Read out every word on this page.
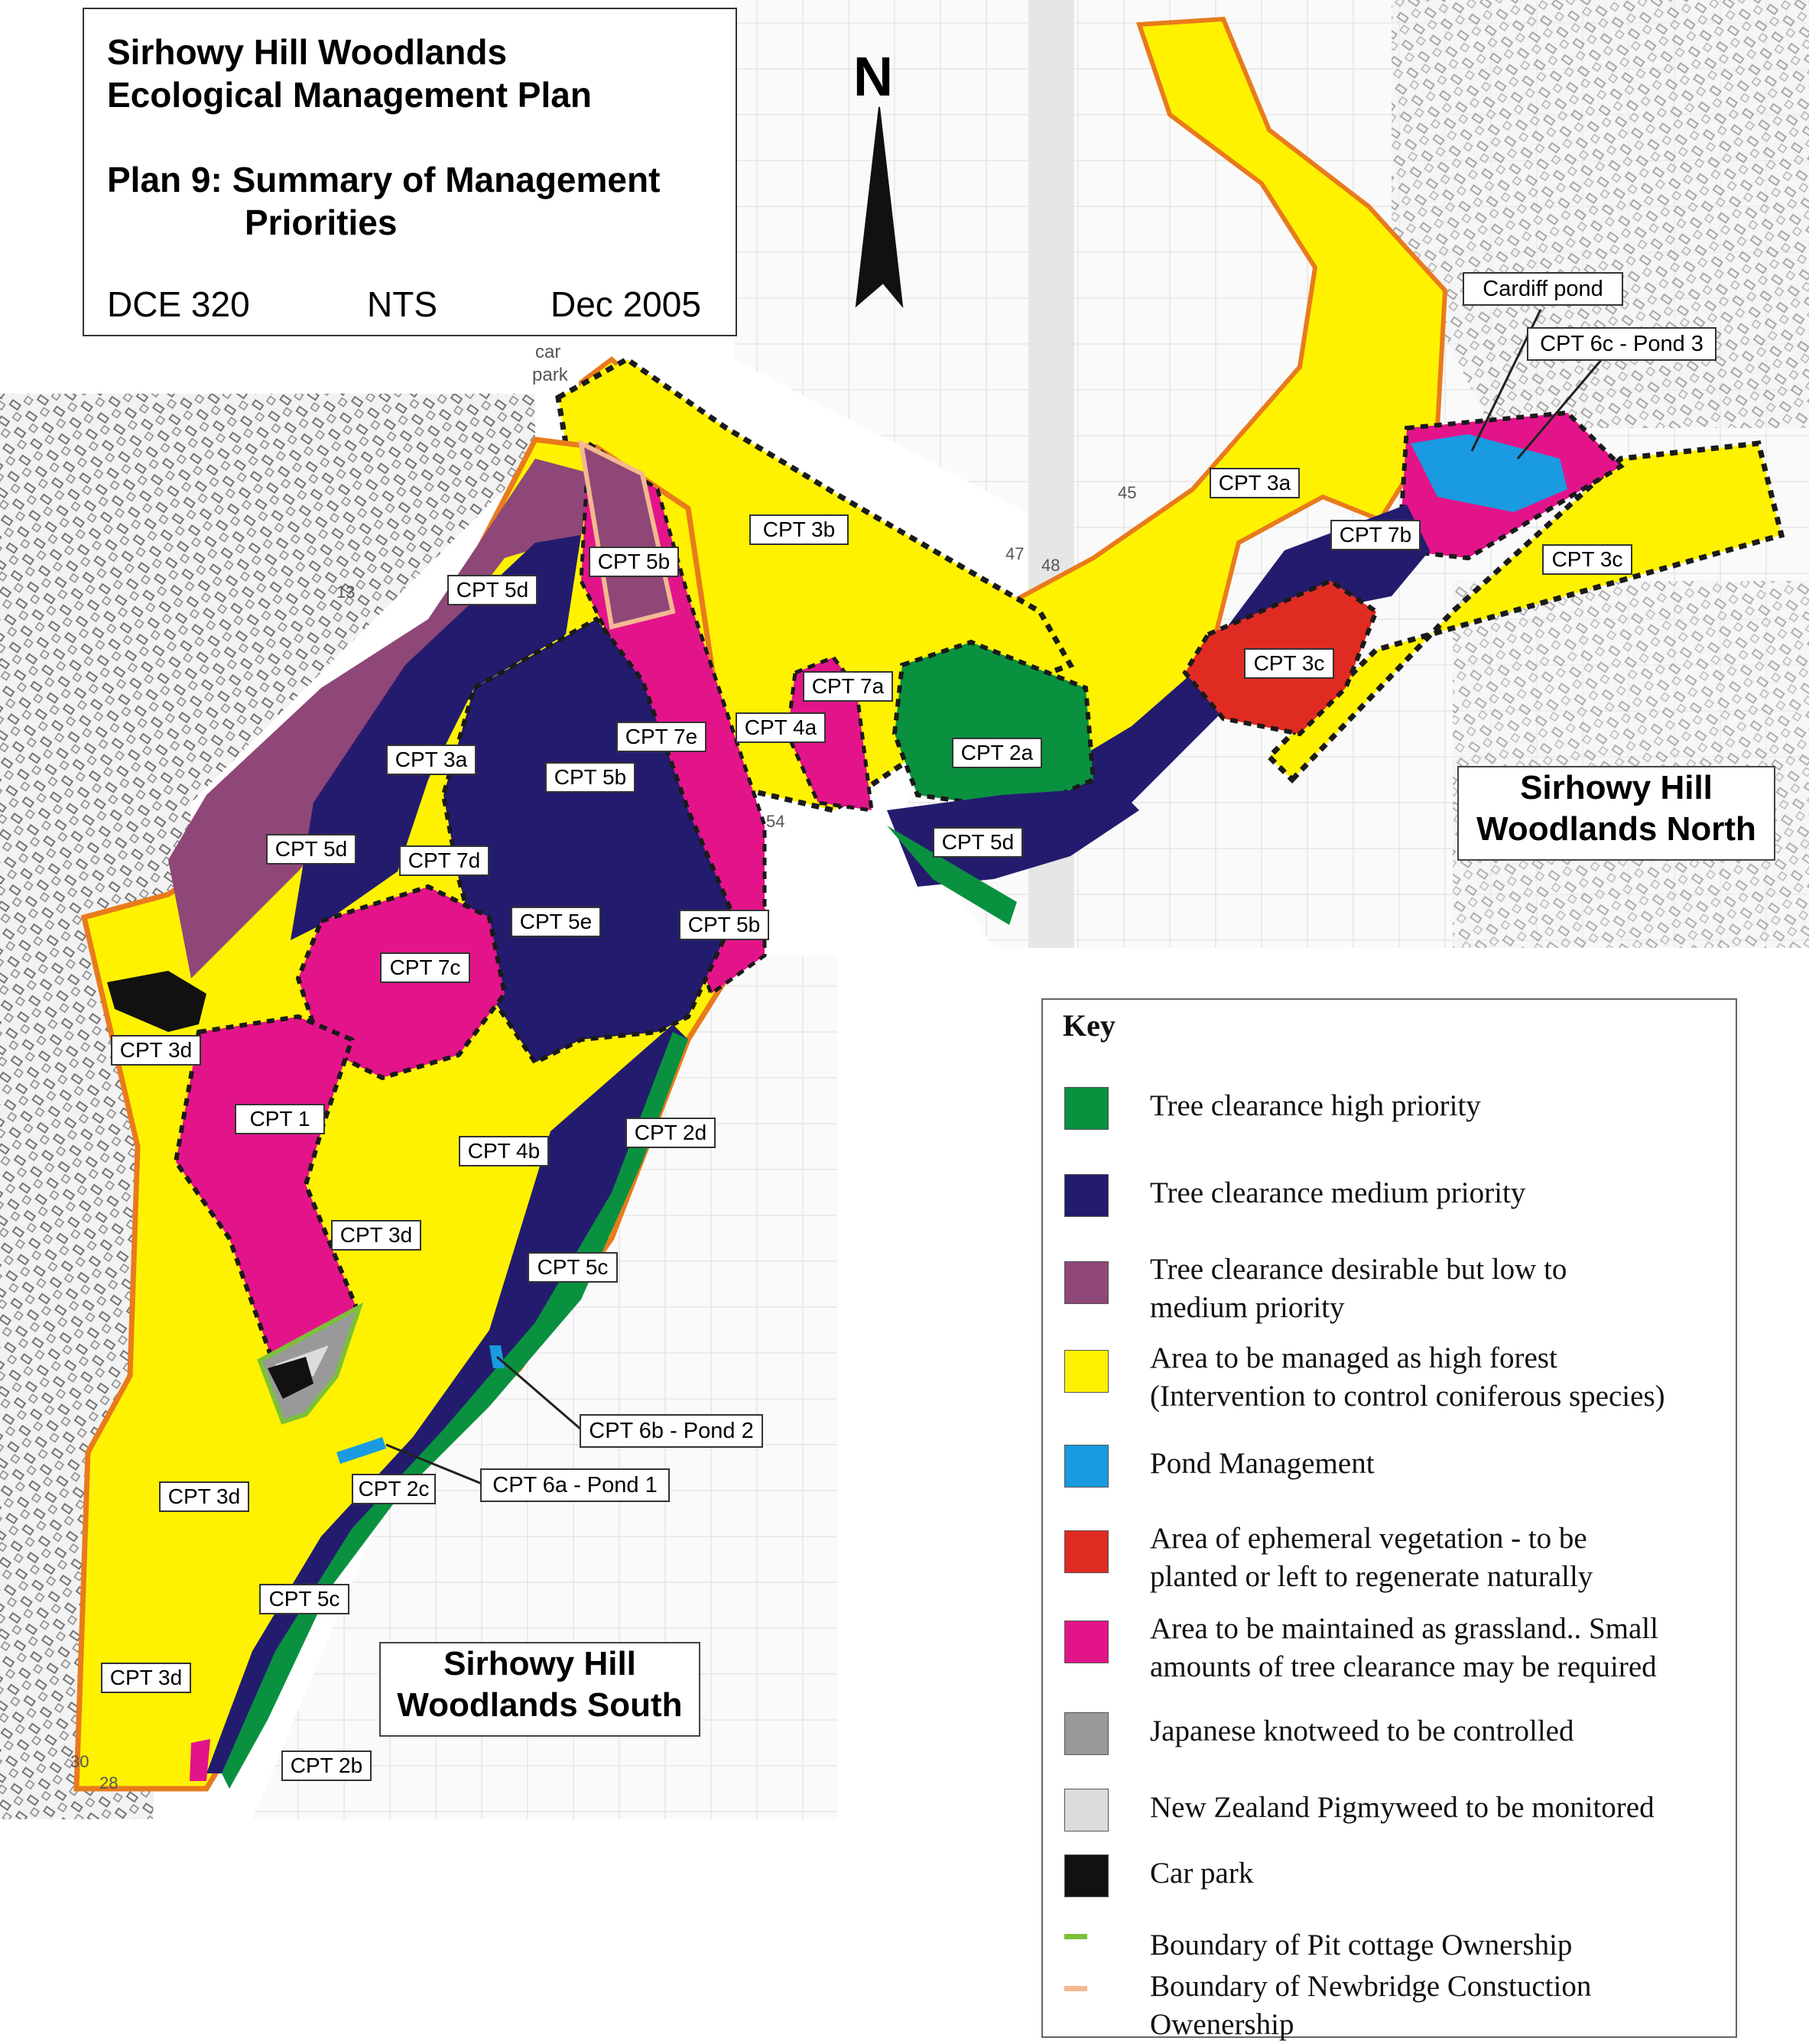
N
car
park
45
47
48
54
13
30
28
Sirhowy Hill Woodlands
Ecological Management Plan
Plan 9: Summary of Management
Priorities
DCE 320	NTS	Dec 2005
Sirhowy Hill
Woodlands North
Sirhowy Hill
Woodlands South
Key
Tree clearance high priority
Tree clearance medium priority
Tree clearance desirable but low to
medium priority
Area to be managed as high forest
(Intervention to control coniferous species)
Pond Management
Area of ephemeral vegetation - to be
planted or left to regenerate naturally
Area to be maintained as grassland.. Small
amounts of tree clearance may be required
Japanese knotweed to be controlled
New Zealand Pigmyweed to be monitored
Car park
Boundary of Pit cottage Ownership
Boundary of Newbridge Constuction
Owenership
CPT 3b
CPT 5b
CPT 5d
CPT 3a
CPT 7b
CPT 3c
CPT 3c
CPT 7a
CPT 4a
CPT 2a
CPT 5d
CPT 7e
CPT 5b
CPT 3a
CPT 5d	CPT 7d
CPT 5e	CPT 5b
CPT 7c
CPT 3d
CPT 1
CPT 4b
CPT 2d
CPT 3d
CPT 5c
CPT 3d	CPT 2c
CPT 5c
CPT 3d
CPT 2b
Cardiff pond
CPT 6c - Pond 3
CPT 6b - Pond 2
CPT 6a - Pond 1
